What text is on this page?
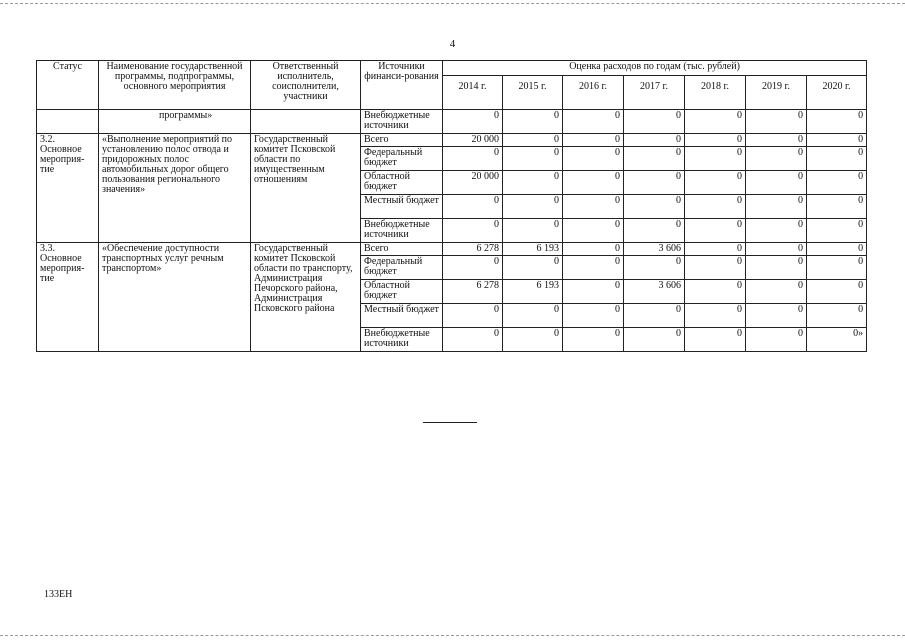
4
Статус	Наименование государственной программы, подпрограммы, основного мероприятия	Ответственный исполнитель, соисполнители, участники	Источники финанси-рования	Оценка расходов по годам (тыс. рублей)						
				2014 г.	2015 г.	2016 г.	2017 г.	2018 г.	2019 г.	2020 г.
	программы»		Внебюджетные источники	0	0	0	0	0	0	0
3.2. Основное мероприя-тие	«Выполнение мероприятий по установлению полос отвода и придорожных полос автомобильных дорог общего пользования регионального значения»	Государственный комитет Псковской области по имущественным отношениям	Всего	20 000	0	0	0	0	0	0
			Федеральный бюджет	0	0	0	0	0	0	0
			Областной бюджет	20 000	0	0	0	0	0	0
			Местный бюджет	0	0	0	0	0	0	0
			Внебюджетные источники	0	0	0	0	0	0	0
3.3. Основное мероприя-тие	«Обеспечение доступности транспортных услуг речным транспортом»	Государственный комитет Псковской области по транспорту, Администрация Печорского района, Администрация Псковского района	Всего	6 278	6 193	0	3 606	0	0	0
			Федеральный бюджет	0	0	0	0	0	0	0
			Областной бюджет	6 278	6 193	0	3 606	0	0	0
			Местный бюджет	0	0	0	0	0	0	0
			Внебюджетные источники	0	0	0	0	0	0	0»
133ЕН
